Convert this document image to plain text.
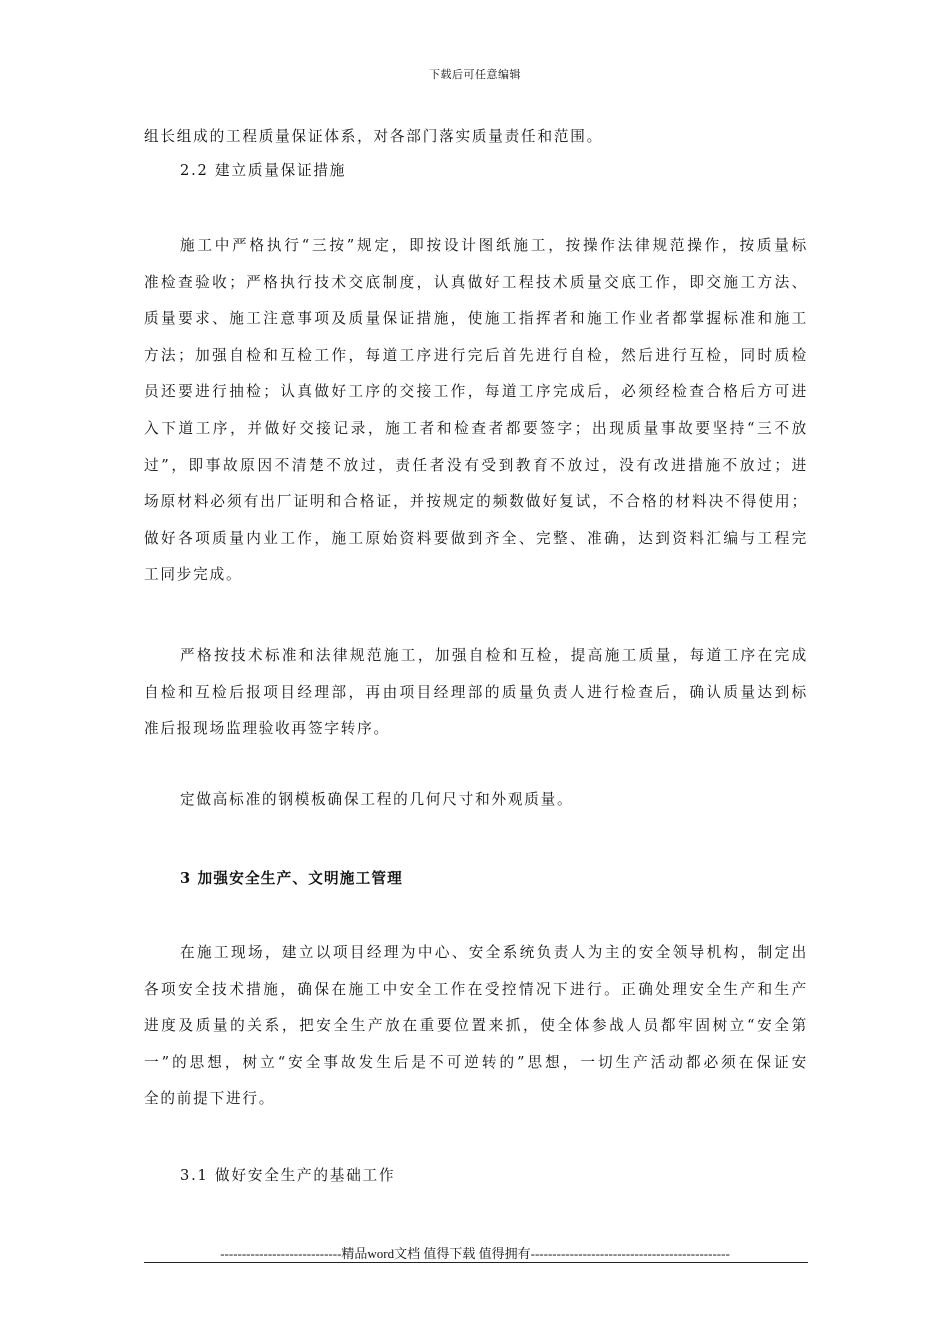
下载后可任意编辑
组长组成的工程质量保证体系，对各部门落实质量责任和范围。
2.2 建立质量保证措施
施工中严格执行“三按”规定，即按设计图纸施工，按操作法律规范操作，按质量标
准检查验收；严格执行技术交底制度，认真做好工程技术质量交底工作，即交施工方法、
质量要求、施工注意事项及质量保证措施，使施工指挥者和施工作业者都掌握标准和施工
方法；加强自检和互检工作，每道工序进行完后首先进行自检，然后进行互检，同时质检
员还要进行抽检；认真做好工序的交接工作，每道工序完成后，必须经检查合格后方可进
入下道工序，并做好交接记录，施工者和检查者都要签字；出现质量事故要坚持“三不放
过”，即事故原因不清楚不放过，责任者没有受到教育不放过，没有改进措施不放过；进
场原材料必须有出厂证明和合格证，并按规定的频数做好复试，不合格的材料决不得使用；
做好各项质量内业工作，施工原始资料要做到齐全、完整、准确，达到资料汇编与工程完
工同步完成。
严格按技术标准和法律规范施工，加强自检和互检，提高施工质量，每道工序在完成
自检和互检后报项目经理部，再由项目经理部的质量负责人进行检查后，确认质量达到标
准后报现场监理验收再签字转序。
定做高标准的钢模板确保工程的几何尺寸和外观质量。
3 加强安全生产、文明施工管理
在施工现场，建立以项目经理为中心、安全系统负责人为主的安全领导机构，制定出
各项安全技术措施，确保在施工中安全工作在受控情况下进行。正确处理安全生产和生产
进度及质量的关系，把安全生产放在重要位置来抓，使全体参战人员都牢固树立“安全第
一”的思想，树立“安全事故发生后是不可逆转的”思想，一切生产活动都必须在保证安
全的前提下进行。
3.1 做好安全生产的基础工作
----------------------------精品word文档 值得下载 值得拥有----------------------------------------------
